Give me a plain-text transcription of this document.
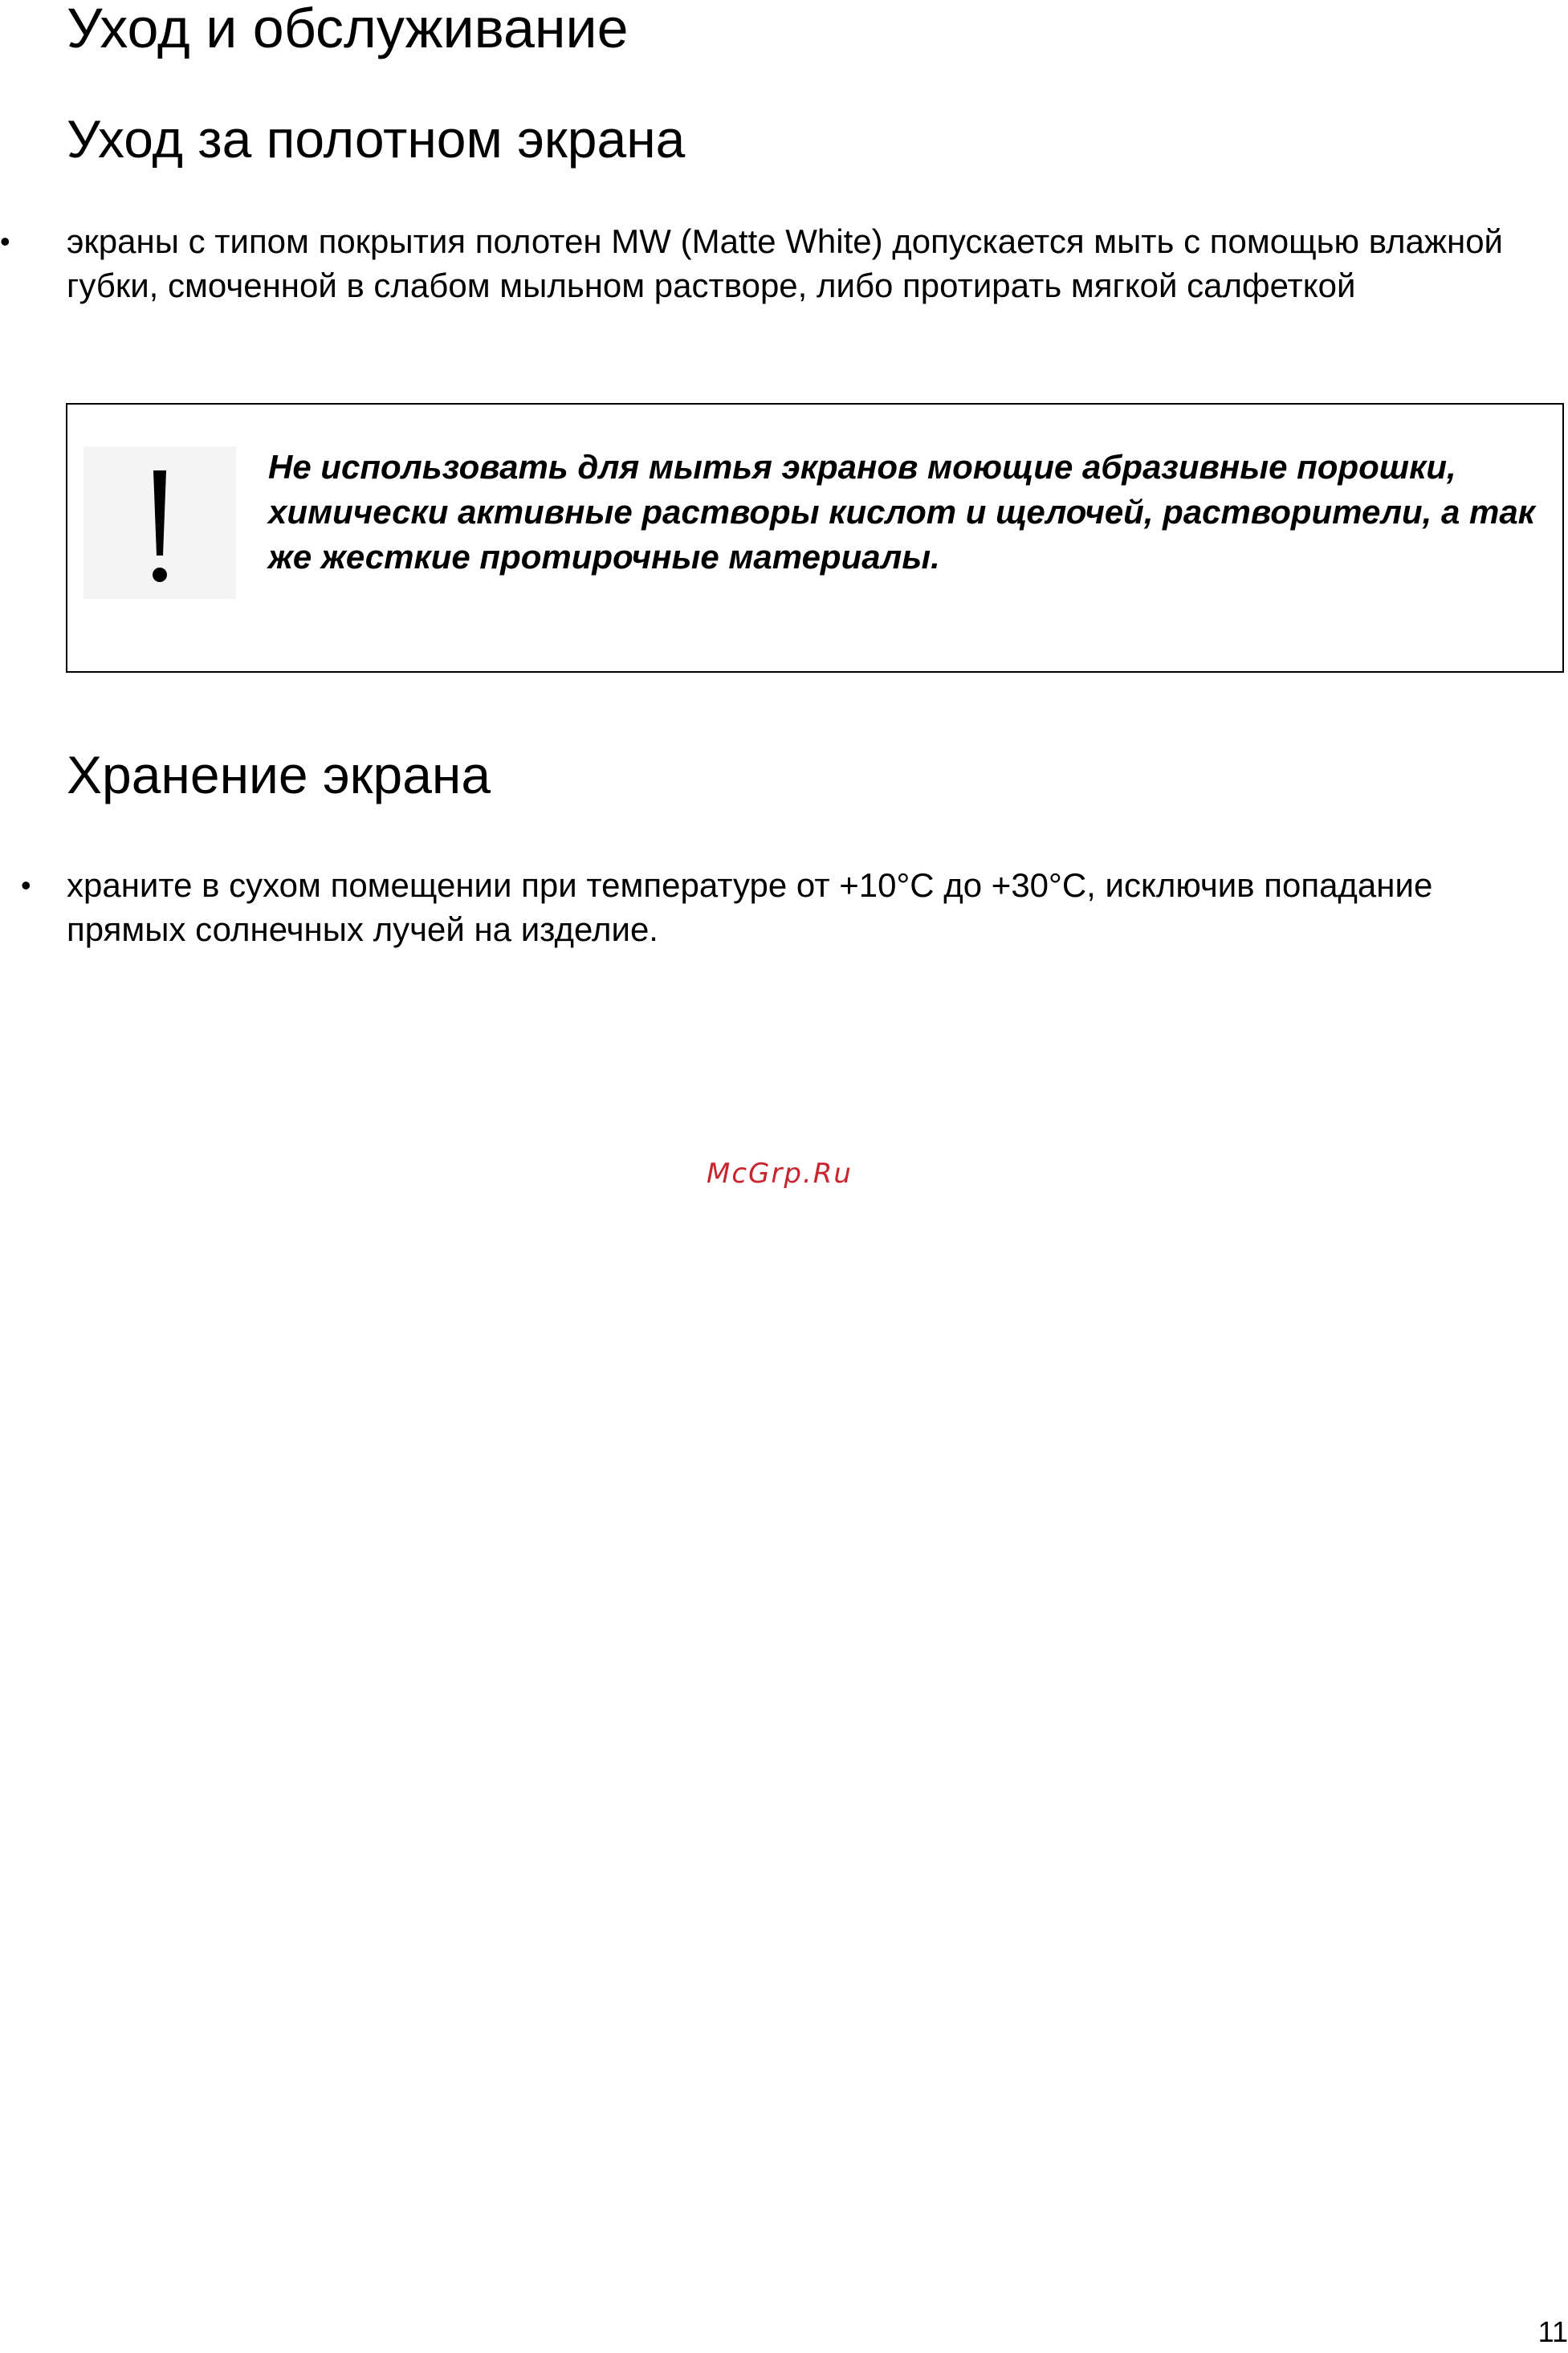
Уход и обслуживание
Уход за полотном экрана
• экраны с типом покрытия полотен MW (Matte White) допускается мыть с помощью влажной губки, смоченной в слабом мыльном растворе, либо протирать мягкой салфеткой
Не использовать для мытья экранов моющие абразивные порошки, химически активные растворы кислот и щелочей, растворители, а так же жесткие протирочные материалы.
Хранение экрана
• храните в сухом помещении при температуре от +10°С до +30°С, исключив попадание прямых солнечных лучей на изделие.
McGrp.Ru
11
